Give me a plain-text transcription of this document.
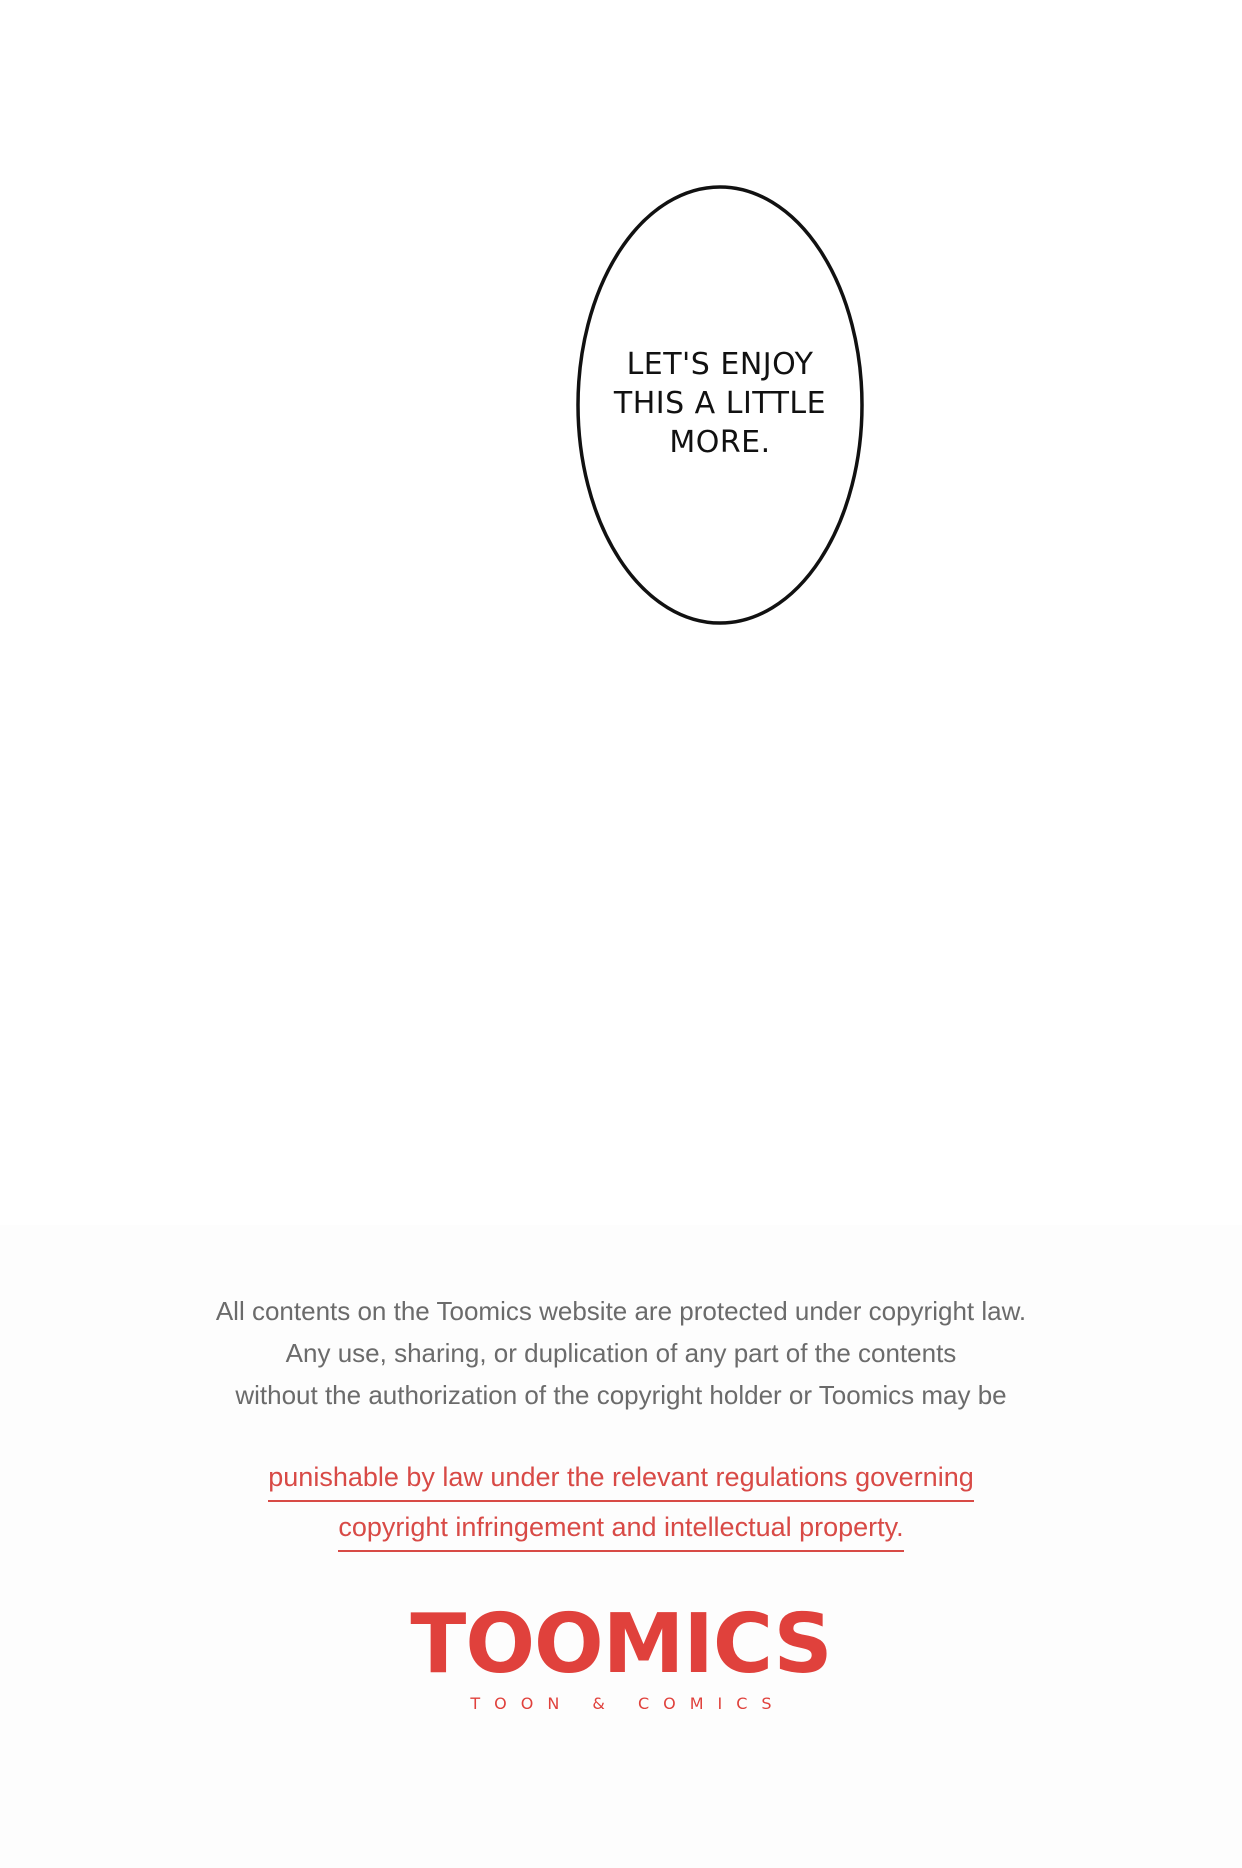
LET'S ENJOY
THIS A LITTLE
MORE.
All contents on the Toomics website are protected under copyright law.
Any use, sharing, or duplication of any part of the contents
without the authorization of the copyright holder or Toomics may be
punishable by law under the relevant regulations governing
copyright infringement and intellectual property.
TOOMICS
TOON & COMICS
